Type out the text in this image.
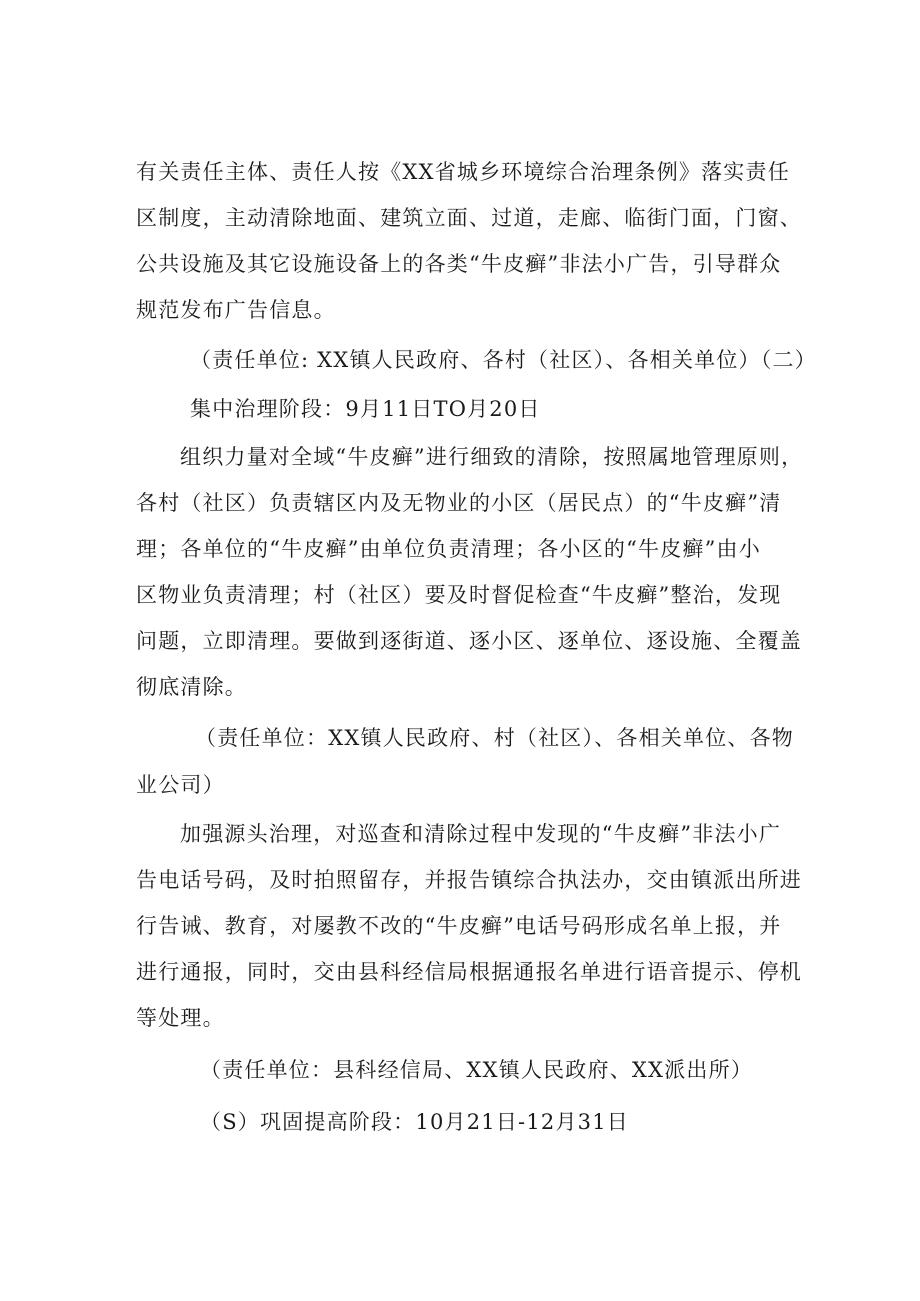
有关责任主体、责任人按《XX省城乡环境综合治理条例》落实责任
区制度，主动清除地面、建筑立面、过道，走廊、临街门面，门窗、
公共设施及其它设施设备上的各类“牛皮癣”非法小广告，引导群众
规范发布广告信息。
（责任单位: XX镇人民政府、各村（社区）、各相关单位）（二）
集中治理阶段：9月11日TO月20日
组织力量对全域“牛皮癣”进行细致的清除，按照属地管理原则，
各村（社区）负责辖区内及无物业的小区（居民点）的“牛皮癣”清
理；各单位的“牛皮癣”由单位负责清理；各小区的“牛皮癣”由小
区物业负责清理；村（社区）要及时督促检查“牛皮癣”整治，发现
问题，立即清理。要做到逐街道、逐小区、逐单位、逐设施、全覆盖
彻底清除。
（责任单位：XX镇人民政府、村（社区）、各相关单位、各物
业公司）
加强源头治理，对巡查和清除过程中发现的“牛皮癣”非法小广
告电话号码，及时拍照留存，并报告镇综合执法办，交由镇派出所进
行告诫、教育，对屡教不改的“牛皮癣”电话号码形成名单上报，并
进行通报，同时，交由县科经信局根据通报名单进行语音提示、停机
等处理。
（责任单位：县科经信局、XX镇人民政府、XX派出所）
（S）巩固提高阶段：10月21日-12月31日
